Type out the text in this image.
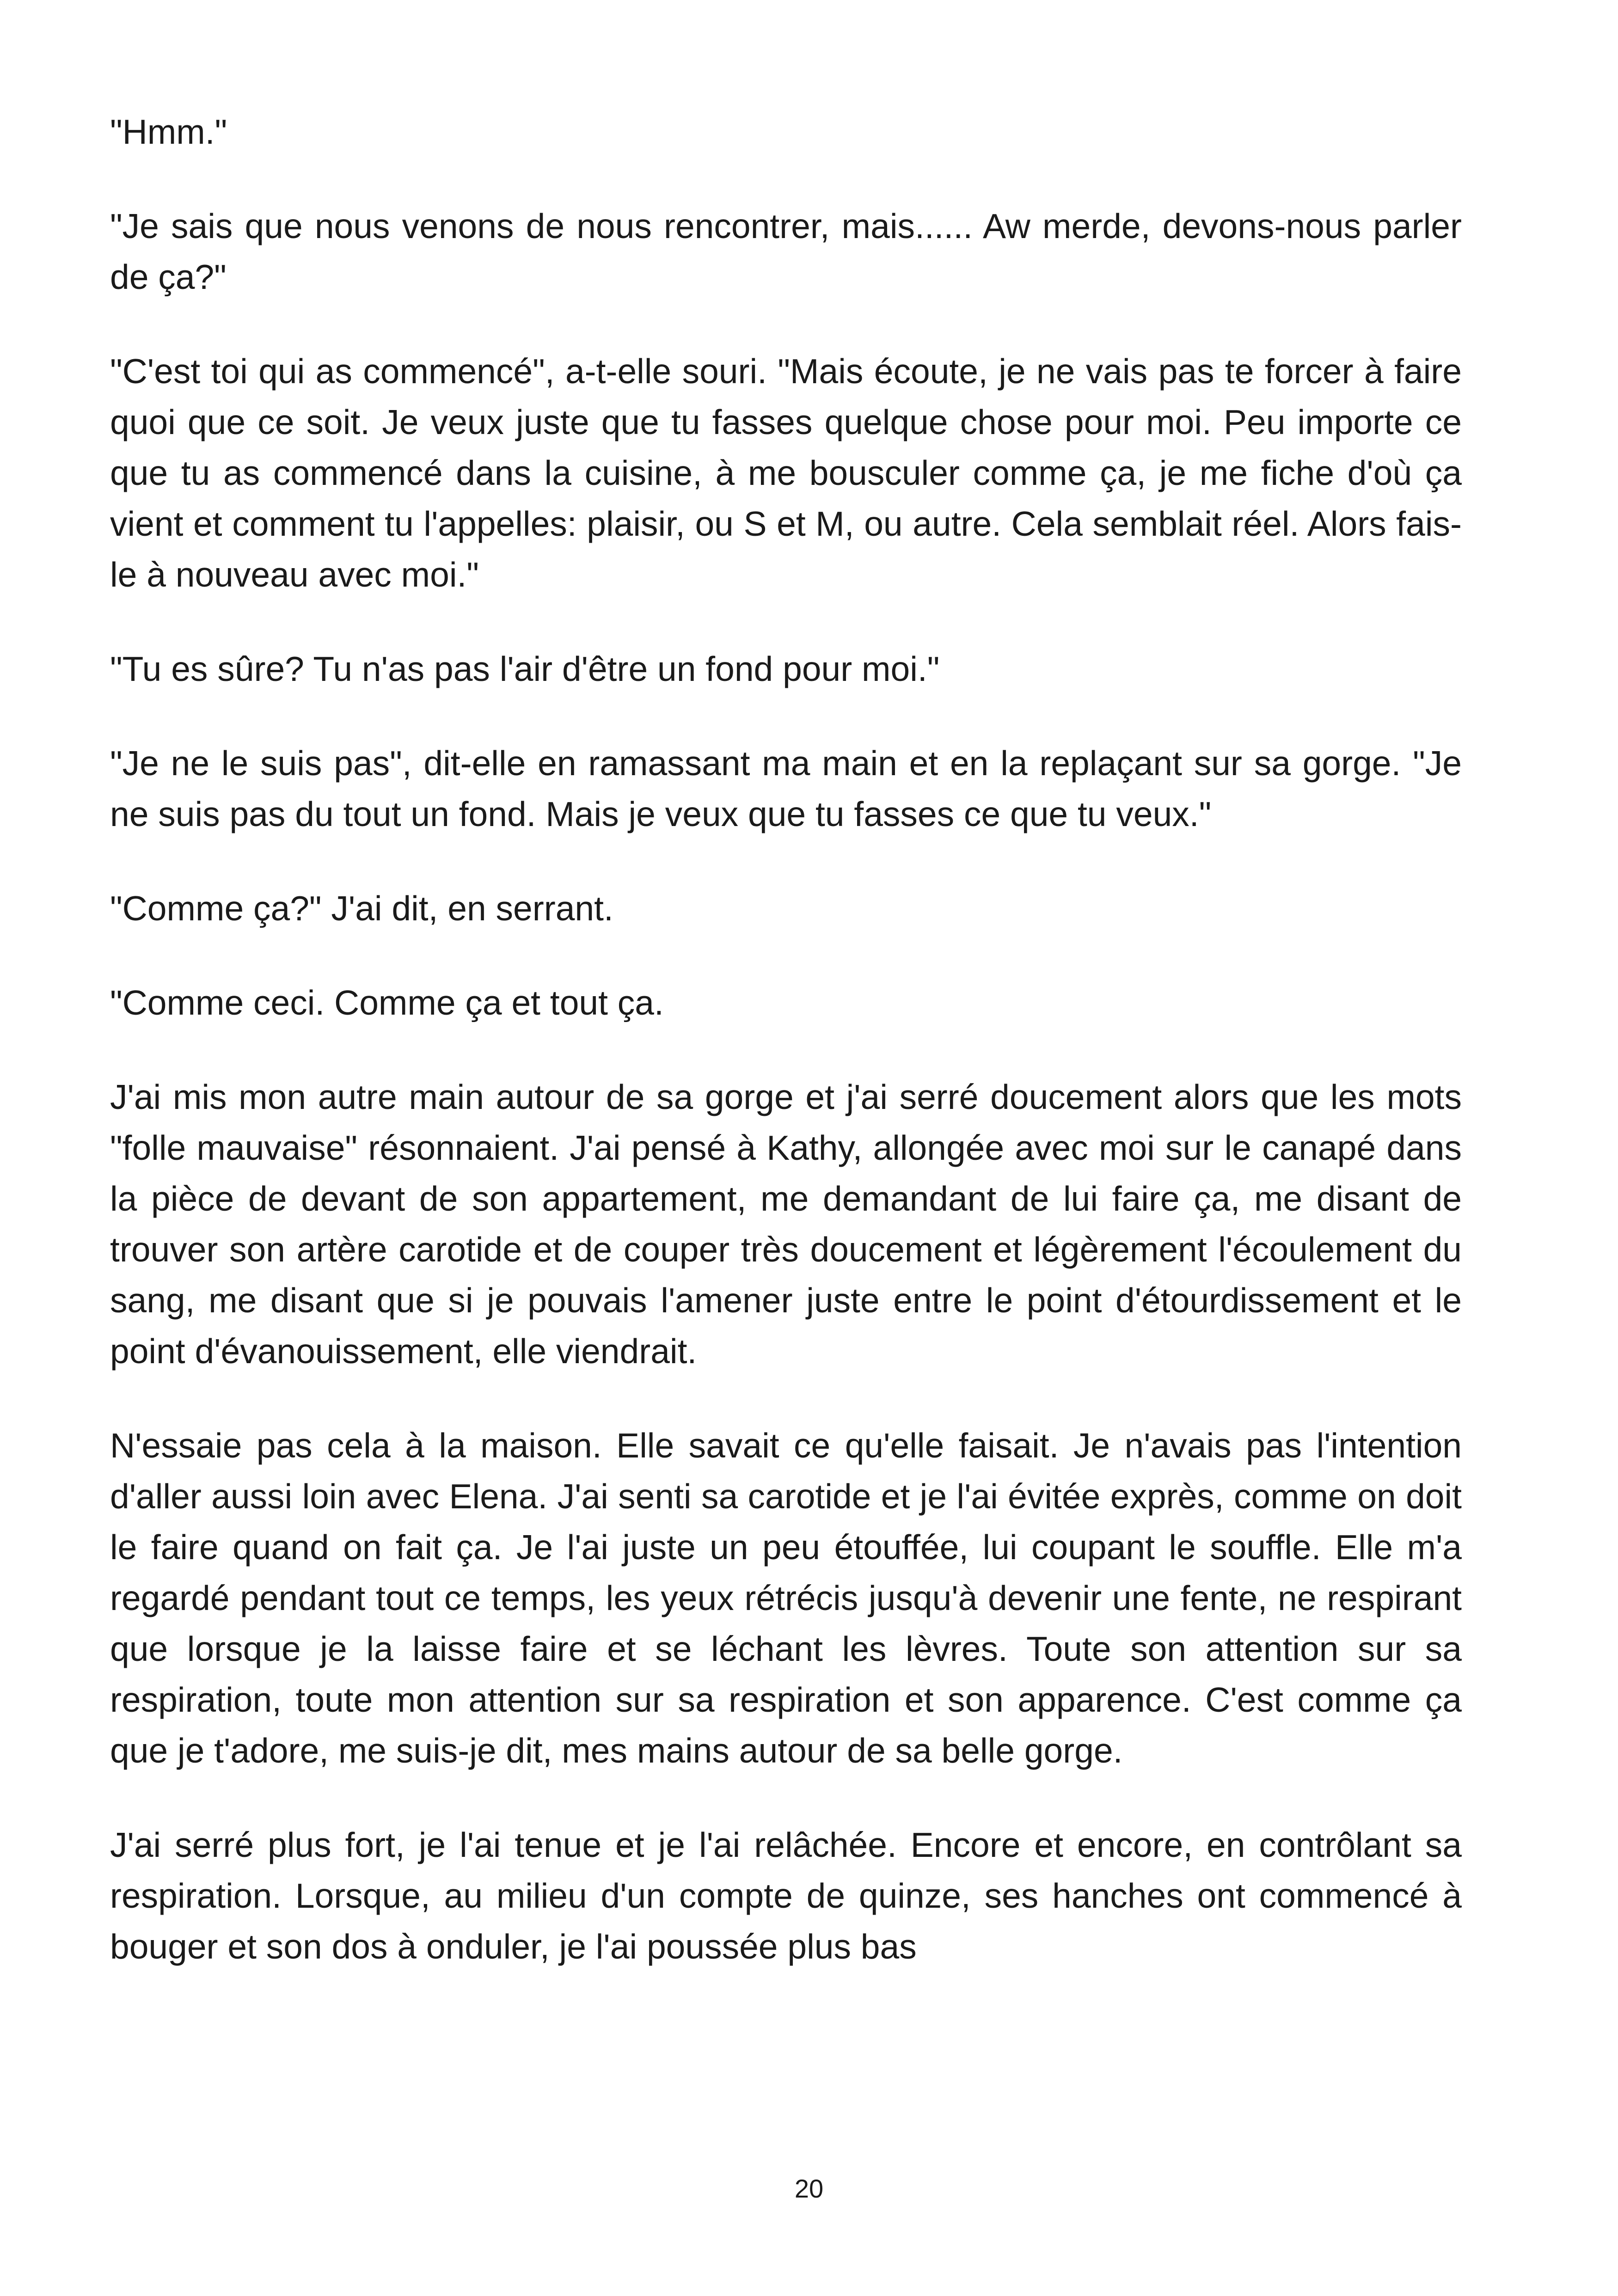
"Hmm."

"Je sais que nous venons de nous rencontrer, mais...... Aw merde, devons-nous parler de ça?"

"C'est toi qui as commencé", a-t-elle souri. "Mais écoute, je ne vais pas te forcer à faire quoi que ce soit. Je veux juste que tu fasses quelque chose pour moi. Peu importe ce que tu as commencé dans la cuisine, à me bousculer comme ça, je me fiche d'où ça vient et comment tu l'appelles: plaisir, ou S et M, ou autre. Cela semblait réel. Alors fais-le à nouveau avec moi."

"Tu es sûre? Tu n'as pas l'air d'être un fond pour moi."

"Je ne le suis pas", dit-elle en ramassant ma main et en la replaçant sur sa gorge. "Je ne suis pas du tout un fond. Mais je veux que tu fasses ce que tu veux."

"Comme ça?" J'ai dit, en serrant.

"Comme ceci. Comme ça et tout ça.

J'ai mis mon autre main autour de sa gorge et j'ai serré doucement alors que les mots "folle mauvaise" résonnaient. J'ai pensé à Kathy, allongée avec moi sur le canapé dans la pièce de devant de son appartement, me demandant de lui faire ça, me disant de trouver son artère carotide et de couper très doucement et légèrement l'écoulement du sang, me disant que si je pouvais l'amener juste entre le point d'étourdissement et le point d'évanouissement, elle viendrait.

N'essaie pas cela à la maison. Elle savait ce qu'elle faisait. Je n'avais pas l'intention d'aller aussi loin avec Elena. J'ai senti sa carotide et je l'ai évitée exprès, comme on doit le faire quand on fait ça. Je l'ai juste un peu étouffée, lui coupant le souffle. Elle m'a regardé pendant tout ce temps, les yeux rétrécis jusqu'à devenir une fente, ne respirant que lorsque je la laisse faire et se léchant les lèvres. Toute son attention sur sa respiration, toute mon attention sur sa respiration et son apparence. C'est comme ça que je t'adore, me suis-je dit, mes mains autour de sa belle gorge.

J'ai serré plus fort, je l'ai tenue et je l'ai relâchée. Encore et encore, en contrôlant sa respiration. Lorsque, au milieu d'un compte de quinze, ses hanches ont commencé à bouger et son dos à onduler, je l'ai poussée plus bas

20
